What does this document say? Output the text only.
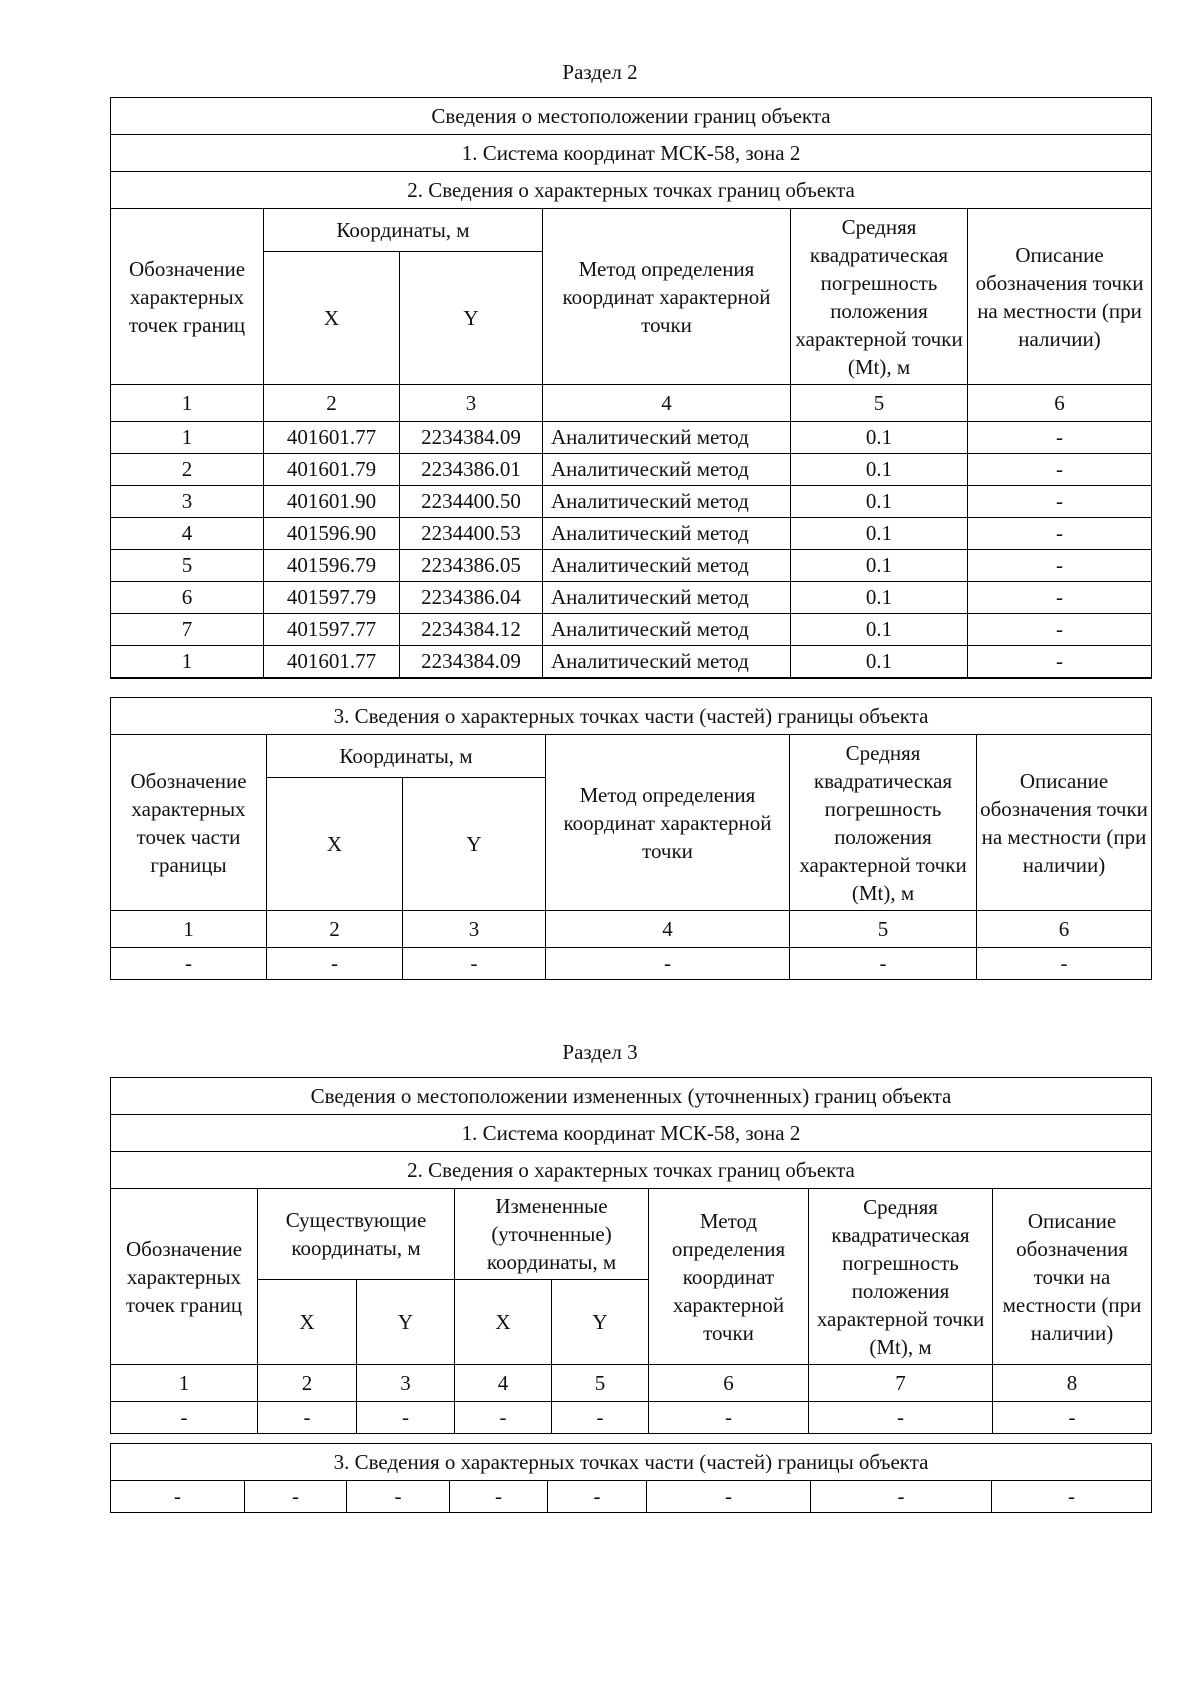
Раздел 2
Сведения о местоположении границ объекта					
1. Система координат МСК-58, зона 2					
2. Сведения о характерных точках границ объекта					
Обозначение характерных точек границ	Координаты, м		Метод определения координат характерной точки	Средняя квадратическая погрешность положения характерной точки (Mt), м	Описание обозначения точки на местности (при наличии)
	X	Y			
1	2	3	4	5	6
1	401601.77	2234384.09	Аналитический метод	0.1	-
2	401601.79	2234386.01	Аналитический метод	0.1	-
3	401601.90	2234400.50	Аналитический метод	0.1	-
4	401596.90	2234400.53	Аналитический метод	0.1	-
5	401596.79	2234386.05	Аналитический метод	0.1	-
6	401597.79	2234386.04	Аналитический метод	0.1	-
7	401597.77	2234384.12	Аналитический метод	0.1	-
1	401601.77	2234384.09	Аналитический метод	0.1	-
3. Сведения о характерных точках части (частей) границы объекта					
Обозначение характерных точек части границы	Координаты, м		Метод определения координат характерной точки	Средняя квадратическая погрешность положения характерной точки (Mt), м	Описание обозначения точки на местности (при наличии)
	X	Y			
1	2	3	4	5	6
-	-	-	-	-	-
Раздел 3
Сведения о местоположении измененных (уточненных) границ объекта							
1. Система координат МСК-58, зона 2							
2. Сведения о характерных точках границ объекта							
Обозначение характерных точек границ	Существующие координаты, м		Измененные (уточненные) координаты, м		Метод определения координат характерной точки	Средняя квадратическая погрешность положения характерной точки (Mt), м	Описание обозначения точки на местности (при наличии)
	X	Y	X	Y			
1	2	3	4	5	6	7	8
-	-	-	-	-	-	-	-
3. Сведения о характерных точках части (частей) границы объекта
-	-	-	-	-	-	-	-
